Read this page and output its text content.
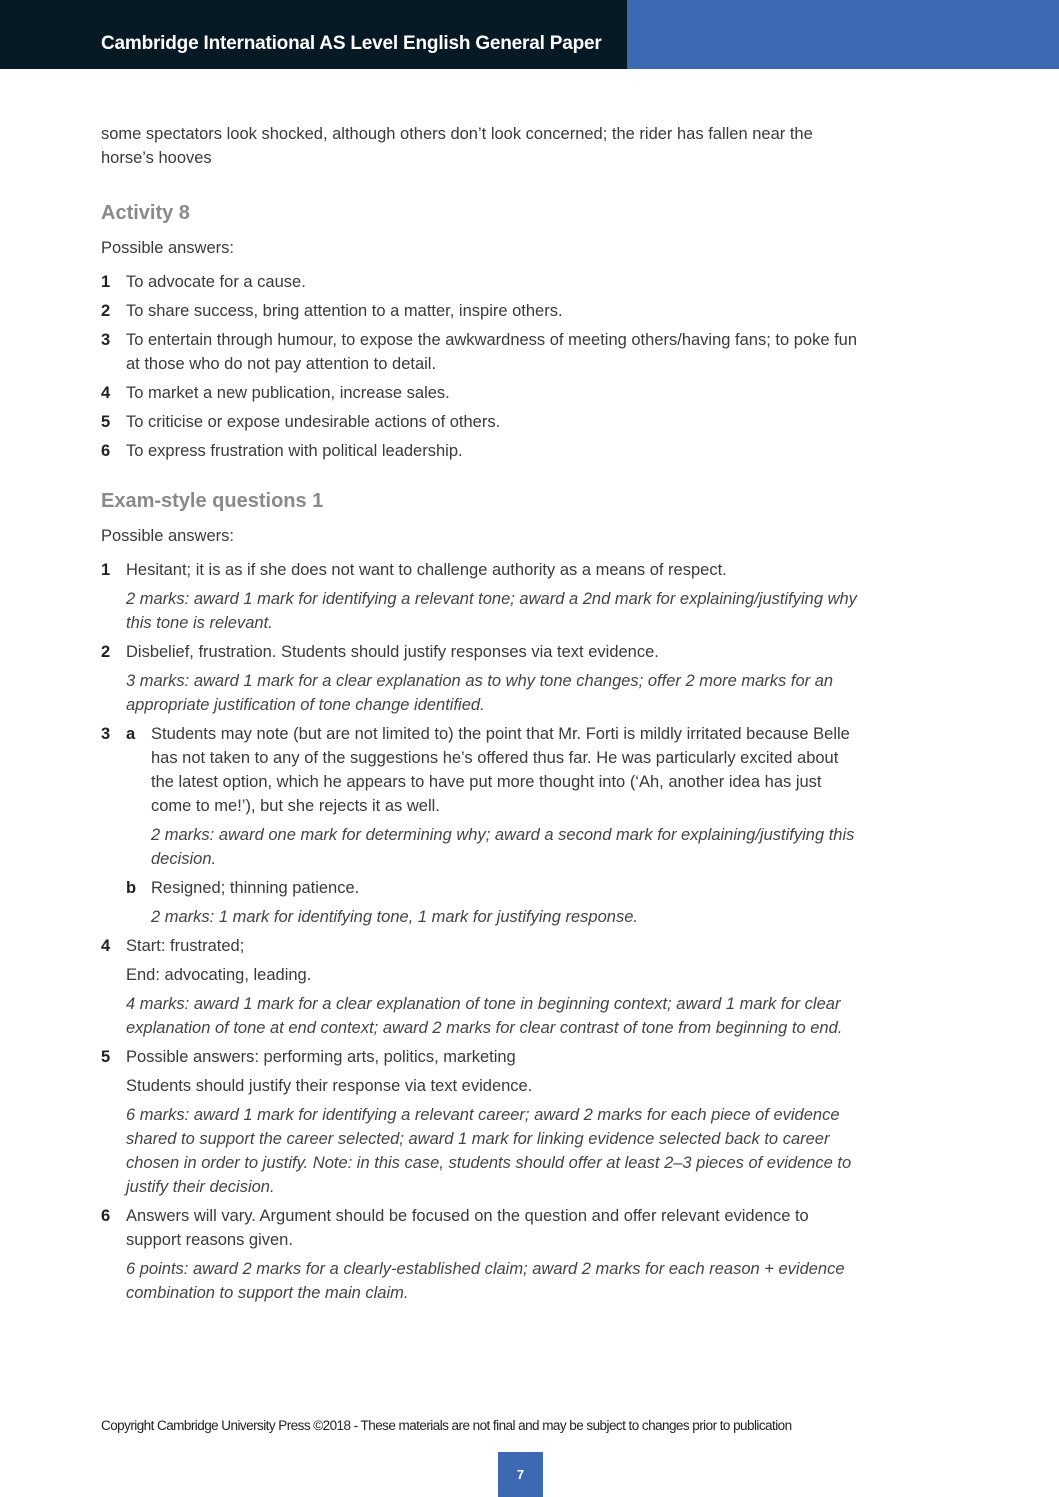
Cambridge International AS Level English General Paper

some spectators look shocked, although others don’t look concerned; the rider has fallen near the horse’s hooves

Activity 8

Possible answers:

1 To advocate for a cause.
2 To share success, bring attention to a matter, inspire others.
3 To entertain through humour, to expose the awkwardness of meeting others/having fans; to poke fun at those who do not pay attention to detail.
4 To market a new publication, increase sales.
5 To criticise or expose undesirable actions of others.
6 To express frustration with political leadership.
Exam-style questions 1

Possible answers:

1 Hesitant; it is as if she does not want to challenge authority as a means of respect.

2 marks: award 1 mark for identifying a relevant tone; award a 2nd mark for explaining/justifying why this tone is relevant.

2 Disbelief, frustration. Students should justify responses via text evidence.

3 marks: award 1 mark for a clear explanation as to why tone changes; offer 2 more marks for an appropriate justification of tone change identified.

3 a Students may note (but are not limited to) the point that Mr. Forti is mildly irritated because Belle has not taken to any of the suggestions he’s offered thus far. He was particularly excited about the latest option, which he appears to have put more thought into (‘Ah, another idea has just come to me!’), but she rejects it as well.

2 marks: award one mark for determining why; award a second mark for explaining/justifying this decision.

b Resigned; thinning patience.

2 marks: 1 mark for identifying tone, 1 mark for justifying response.

4 Start: frustrated;

End: advocating, leading.

4 marks: award 1 mark for a clear explanation of tone in beginning context; award 1 mark for clear explanation of tone at end context; award 2 marks for clear contrast of tone from beginning to end.

5 Possible answers: performing arts, politics, marketing

Students should justify their response via text evidence.

6 marks: award 1 mark for identifying a relevant career; award 2 marks for each piece of evidence shared to support the career selected; award 1 mark for linking evidence selected back to career chosen in order to justify. Note: in this case, students should offer at least 2–3 pieces of evidence to justify their decision.

6 Answers will vary. Argument should be focused on the question and offer relevant evidence to support reasons given.

6 points: award 2 marks for a clearly-established claim; award 2 marks for each reason + evidence combination to support the main claim.

Copyright Cambridge University Press ©2018 - These materials are not final and may be subject to changes prior to publication
7
